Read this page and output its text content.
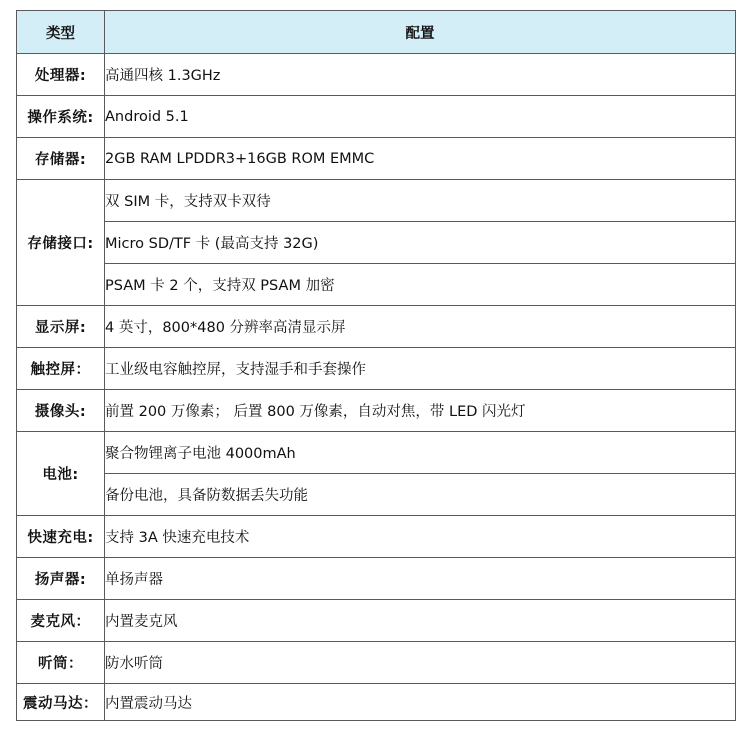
类型	配置
处理器:	高通四核 1.3GHz
操作系统:	Android 5.1
存储器:	2GB RAM LPDDR3+16GB ROM EMMC
存储接口:	双 SIM 卡，支持双卡双待
	Micro SD/TF 卡 (最高支持 32G)
	PSAM 卡 2 个，支持双 PSAM 加密
显示屏:	4 英寸，800*480 分辨率高清显示屏
触控屏：	工业级电容触控屏，支持湿手和手套操作
摄像头:	前置 200 万像素； 后置 800 万像素，自动对焦，带 LED 闪光灯
电池:	聚合物锂离子电池 4000mAh
	备份电池，具备防数据丢失功能
快速充电:	支持 3A 快速充电技术
扬声器:	单扬声器
麦克风：	内置麦克风
听筒：	防水听筒
震动马达：	内置震动马达
